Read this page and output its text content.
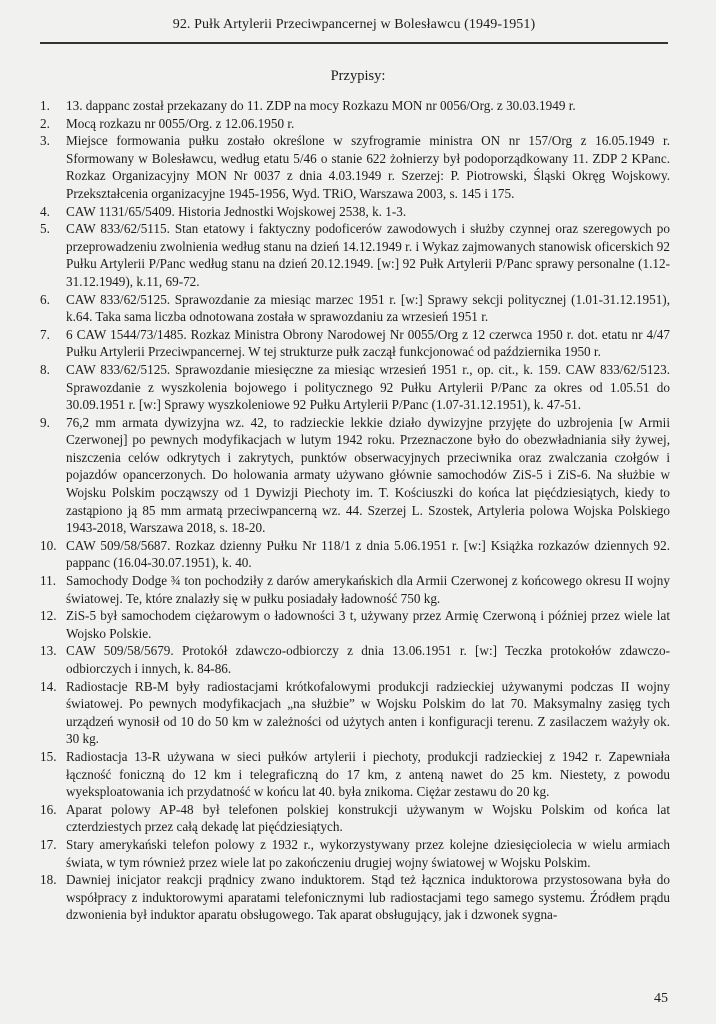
92. Pułk Artylerii Przeciwpancernej w Bolesławcu (1949-1951)
Przypisy:
1.	13. dappanc został przekazany do 11. ZDP na mocy Rozkazu MON nr 0056/Org. z 30.03.1949 r.
2.	Mocą rozkazu nr 0055/Org. z 12.06.1950 r.
3.	Miejsce formowania pułku zostało określone w szyfrogramie ministra ON nr 157/Org z 16.05.1949 r. Sformowany w Bolesławcu, według etatu 5/46 o stanie 622 żołnierzy był podoporządkowany 11. ZDP 2 KPanc. Rozkaz Organizacyjny MON Nr 0037 z dnia 4.03.1949 r. Szerzej: P. Piotrowski, Śląski Okręg Wojskowy. Przekształcenia organizacyjne 1945-1956, Wyd. TRiO, Warszawa 2003, s. 145 i 175.
4.	CAW 1131/65/5409. Historia Jednostki Wojskowej 2538, k. 1-3.
5.	CAW 833/62/5115. Stan etatowy i faktyczny podoficerów zawodowych i służby czynnej oraz szeregowych po przeprowadzeniu zwolnienia według stanu na dzień 14.12.1949 r. i Wykaz zajmowanych stanowisk oficerskich 92 Pułku Artylerii P/Panc według stanu na dzień 20.12.1949. [w:] 92 Pułk Artylerii P/Panc sprawy personalne (1.12-31.12.1949), k.11, 69-72.
6.	CAW 833/62/5125. Sprawozdanie za miesiąc marzec 1951 r. [w:] Sprawy sekcji politycznej (1.01-31.12.1951), k.64. Taka sama liczba odnotowana została w sprawozdaniu za wrzesień 1951 r.
7.	6 CAW 1544/73/1485. Rozkaz Ministra Obrony Narodowej Nr 0055/Org z 12 czerwca 1950 r. dot. etatu nr 4/47 Pułku Artylerii Przeciwpancernej. W tej strukturze pułk zaczął funkcjonować od października 1950 r.
8.	CAW 833/62/5125. Sprawozdanie miesięczne za miesiąc wrzesień 1951 r., op. cit., k. 159. CAW 833/62/5123. Sprawozdanie z wyszkolenia bojowego i politycznego 92 Pułku Artylerii P/Panc za okres od 1.05.51 do 30.09.1951 r. [w:] Sprawy wyszkoleniowe 92 Pułku Artylerii P/Panc (1.07-31.12.1951), k. 47-51.
9.	76,2 mm armata dywizyjna wz. 42, to radzieckie lekkie działo dywizyjne przyjęte do uzbrojenia [w Armii Czerwonej] po pewnych modyfikacjach w lutym 1942 roku. Przeznaczone było do obezwładniania siły żywej, niszczenia celów odkrytych i zakrytych, punktów obserwacyjnych przeciwnika oraz zwalczania czołgów i pojazdów opancerzonych. Do holowania armaty używano głównie samochodów ZiS-5 i ZiS-6. Na służbie w Wojsku Polskim począwszy od 1 Dywizji Piechoty im. T. Kościuszki do końca lat pięćdziesiątych, kiedy to zastąpiono ją 85 mm armatą przeciwpancerną wz. 44. Szerzej L. Szostek, Artyleria polowa Wojska Polskiego 1943-2018, Warszawa 2018, s. 18-20.
10. CAW 509/58/5687. Rozkaz dzienny Pułku Nr 118/1 z dnia 5.06.1951 r. [w:] Książka rozkazów dziennych 92. pappanc (16.04-30.07.1951), k. 40.
11. Samochody Dodge ¾ ton pochodziły z darów amerykańskich dla Armii Czerwonej z końcowego okresu II wojny światowej. Te, które znalazły się w pułku posiadały ładowność 750 kg.
12. ZiS-5 był samochodem ciężarowym o ładowności 3 t, używany przez Armię Czerwoną i później przez wiele lat Wojsko Polskie.
13. CAW 509/58/5679. Protokół zdawczo-odbiorczy z dnia 13.06.1951 r. [w:] Teczka protokołów zdawczo-odbiorczych i innych, k. 84-86.
14. Radiostacje RB-M były radiostacjami krótkofalowymi produkcji radzieckiej używanymi podczas II wojny światowej. Po pewnych modyfikacjach „na służbie” w Wojsku Polskim do lat 70. Maksymalny zasięg tych urządzeń wynosił od 10 do 50 km w zależności od użytych anten i konfiguracji terenu. Z zasilaczem ważyły ok. 30 kg.
15. Radiostacja 13-R używana w sieci pułków artylerii i piechoty, produkcji radzieckiej z 1942 r. Zapewniała łączność foniczną do 12 km i telegraficzną do 17 km, z anteną nawet do 25 km. Niestety, z powodu wyeksploatowania ich przydatność w końcu lat 40. była znikoma. Ciężar zestawu do 20 kg.
16. Aparat polowy AP-48 był telefonen polskiej konstrukcji używanym w Wojsku Polskim od końca lat czterdziestych przez całą dekadę lat pięćdziesiątych.
17. Stary amerykański telefon polowy z 1932 r., wykorzystywany przez kolejne dziesięciolecia w wielu armiach świata, w tym również przez wiele lat po zakończeniu drugiej wojny światowej w Wojsku Polskim.
18. Dawniej inicjator reakcji prądnicy zwano induktorem. Stąd też łącznica induktorowa przystosowana była do współpracy z induktorowymi aparatami telefonicznymi lub radiostacjami tego samego systemu. Źródłem prądu dzwonienia był induktor aparatu obsługowego. Tak aparat obsługujący, jak i dzwonek sygna-
45
